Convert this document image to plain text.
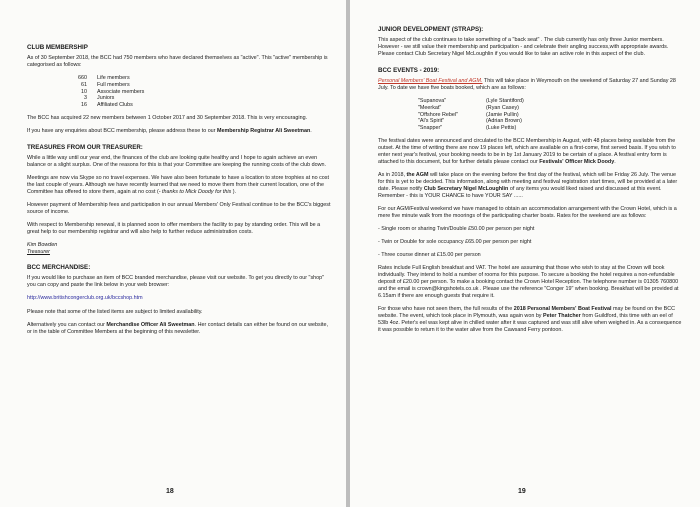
CLUB MEMBERSHIP

As of 30 September 2018, the BCC had 750 members who have declared themselves as "active". This "active" membership is categorised as follows:

660	Life members
61	Full members
10	Associate members
3	Juniors
16	Affiliated Clubs

The BCC has acquired 22 new members between 1 October 2017 and 30 September 2018. This is very encouraging.

If you have any enquiries about BCC membership, please address these to our Membership Registrar Ali Sweetman.

TREASURES FROM OUR TREASURER:

While a little way until our year end, the finances of the club are looking quite healthy and I hope to again achieve an even balance or a slight surplus. One of the reasons for this is that your Committee are keeping the running costs of the club down.

Meetings are now via Skype so no travel expenses. We have also been fortunate to have a location to store trophies at no cost the last couple of years. Although we have recently learned that we need to move them from their current location, one of the Committee has offered to store them, again at no cost (- thanks to Mick Doody for this ).

However payment of Membership fees and participation in our annual Members' Only Festival continue to be the BCC's biggest source of income.

With respect to Membership renewal, it is planned soon to offer members the facility to pay by standing order. This will be a great help to our membership registrar and will also help to further reduce administration costs.

Kim Bowden
Treasurer
BCC MERCHANDISE:

If you would like to purchase an item of BCC branded merchandise, please visit our website. To get you directly to our "shop" you can copy and paste the link below in your web browser:

http://www.britishcongerclub.org.uk/bccshop.htm

Please note that some of the listed items are subject to limited availability.

Alternatively you can contact our Merchandise Officer Ali Sweetman. Her contact details can either be found on our website, or in the table of Committee Members at the beginning of this newsletter.

18
JUNIOR DEVELOPMENT (STRAPS):

This aspect of the club continues to take something of a "back seat" . The club currently has only three Junior members. However - we still value their membership and participation - and celebrate their angling success,with appropriate awards. Please contact Club Secretary Nigel McLoughlin if you would like to take an active role in this aspect of the club.

BCC EVENTS - 2019:

Personal Members' Boat Festival and AGM. This will take place in Weymouth on the weekend of Saturday 27 and Sunday 28 July. To date we have five boats booked, which are as follows:

"Supanova"	(Lyle Stantiford)
"Meerkat"	(Ryan Casey)
"Offshore Rebel"	(Jamie Pullin)
"Al's Spirit"	(Adrian Brown)
"Snapper"	(Luke Pettis)

The festival dates were announced and circulated to the BCC Membership in August, with 48 places being available from the outset. At the time of writing there are now 19 places left, which are available on a first-come, first served basis. If you wish to enter next year's festival, your booking needs to be in by 1st January 2019 to be certain of a place. A festival entry form is attached to this document, but for further details please contact our Festivals' Officer Mick Doody.

As in 2018, the AGM will take place on the evening before the first day of the festival, which will be Friday 26 July. The venue for this is yet to be decided. This information, along with meeting and festival registration start times, will be provided at a later date. Please notify Club Secretary Nigel McLoughlin of any items you would liked raised and discussed at this event. Remember - this is YOUR CHANCE to have YOUR SAY ......

For our AGM/Festival weekend we have managed to obtain an accommodation arrangement with the Crown Hotel, which is a mere five minute walk from the moorings of the participating charter boats. Rates for the weekend are as follows:

- Single room or sharing Twin/Double £50.00 per person per night

- Twin or Double for sole occupancy £65.00 per person per night

- Three course dinner at £15.00 per person

Rates include Full English breakfast and VAT. The hotel are assuming that those who wish to stay at the Crown will book individually. They intend to hold a number of rooms for this purpose. To secure a booking the hotel requires a non-refundable deposit of £20.00 per person. To make a booking contact the Crown Hotel Reception. The telephone number is 01305 760800 and the email is crown@kingshotels.co.uk . Please use the reference "Conger 19" when booking. Breakfast will be provided at 6.15am if there are enough guests that require it.

For those who have not seen them, the full results of the 2018 Personal Members' Boat Festival may be found on the BCC website. The event, which took place in Plymouth, was again won by Peter Thatcher from Guildford, this time with an eel of 53lb 4oz. Peter's eel was kept alive in chilled water after it was captured and was still alive when weighed in. As a consequence it was possible to return it to the water alive from the Cawsand Ferry pontoon.

19
